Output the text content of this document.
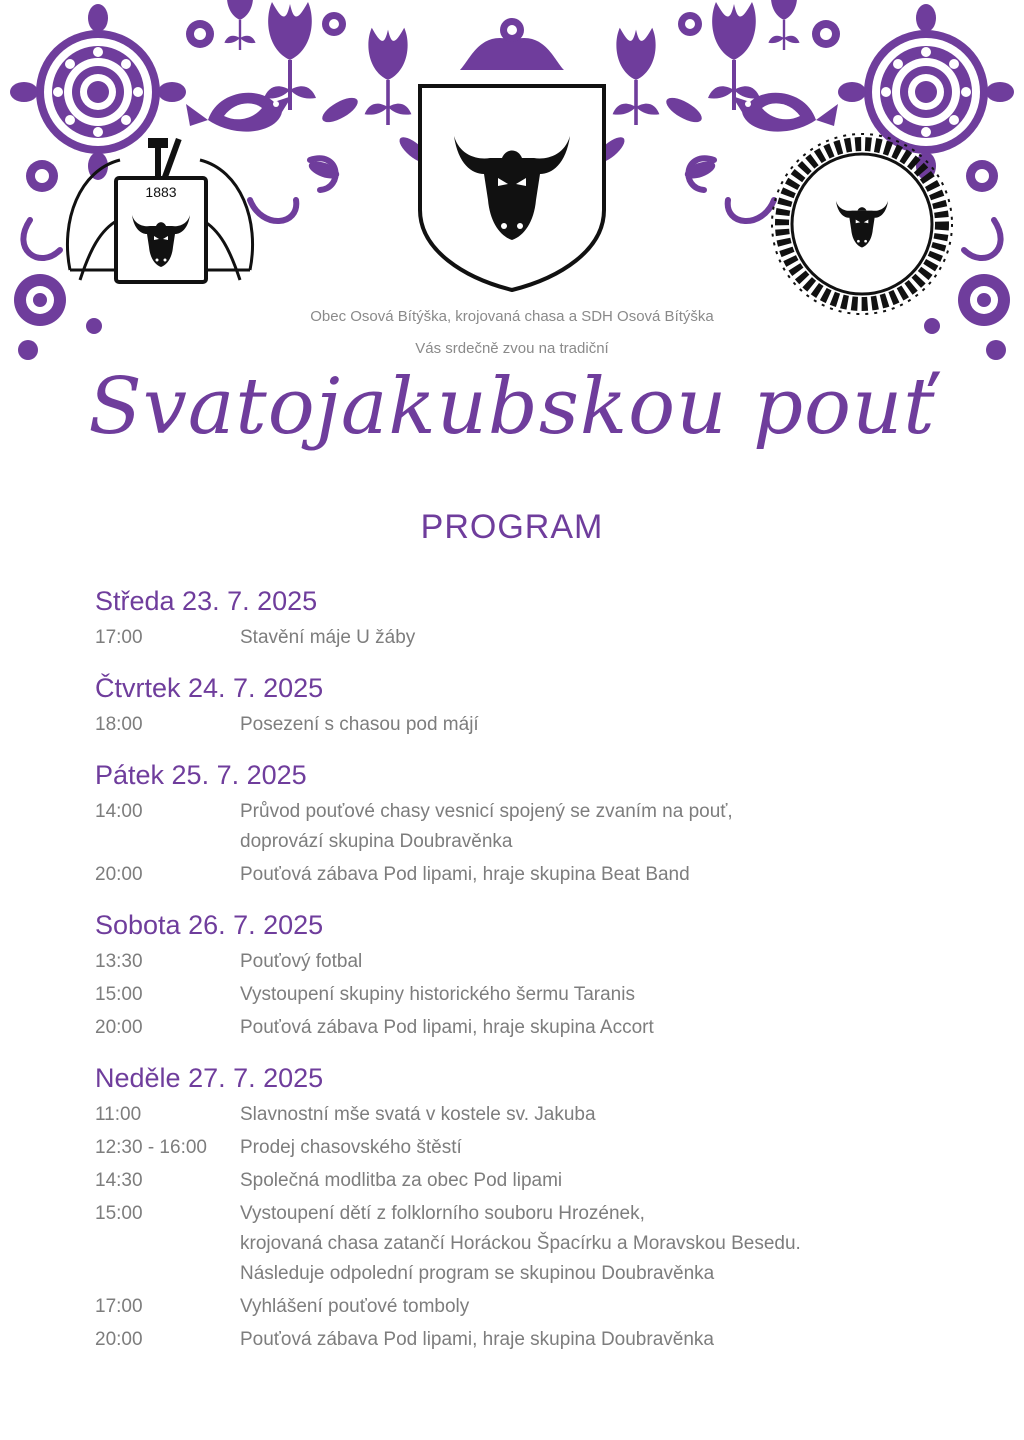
1883
Obec Osová Bítýška, krojovaná chasa a SDH Osová Bítýška
Vás srdečně zvou na tradiční
Svatojakubskou pouť
PROGRAM
Středa 23. 7. 2025
17:00	Stavění máje U žáby
Čtvrtek 24. 7. 2025
18:00	Posezení s chasou pod májí
Pátek 25. 7. 2025
14:00	Průvod pouťové chasy vesnicí spojený se zvaním na pouť,
doprovází skupina Doubravěnka
20:00	Pouťová zábava Pod lipami, hraje skupina Beat Band
Sobota 26. 7. 2025
13:30	Pouťový fotbal
15:00	Vystoupení skupiny historického šermu Taranis
20:00	Pouťová zábava Pod lipami, hraje skupina Accort
Neděle 27. 7. 2025
11:00	Slavnostní mše svatá v kostele sv. Jakuba
12:30 - 16:00	Prodej chasovského štěstí
14:30	Společná modlitba za obec Pod lipami
15:00	Vystoupení dětí z folklorního souboru Hrozének,
krojovaná chasa zatančí Horáckou Špacírku a Moravskou Besedu.
Následuje odpolední program se skupinou Doubravěnka
17:00	Vyhlášení pouťové tomboly
20:00	Pouťová zábava Pod lipami, hraje skupina Doubravěnka
